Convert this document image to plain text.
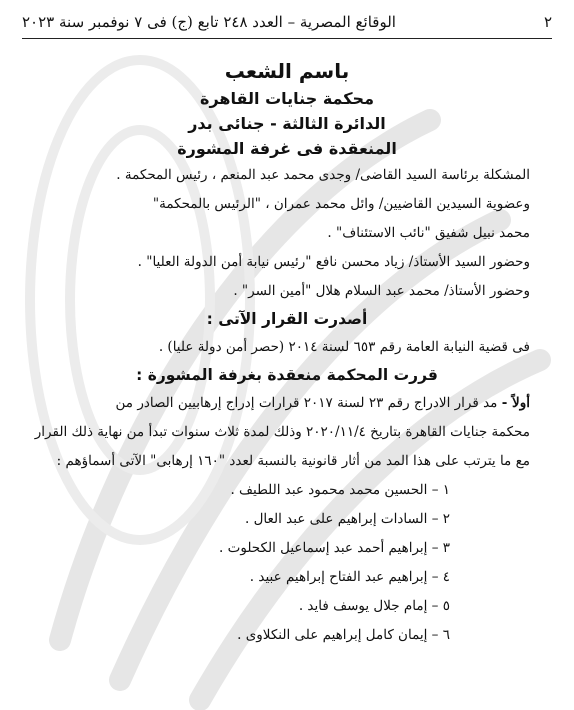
٢
الوقائع المصرية – العدد ٢٤٨ تابع (ج) فى ٧ نوفمبر سنة ٢٠٢٣
باسم الشعب
محكمة جنايات القاهرة
الدائرة الثالثة - جنائى بدر
المنعقدة فى غرفة المشورة
المشكلة برئاسة السيد القاضى/ وجدى محمد عبد المنعم ، رئيس المحكمة .
وعضوية السيدين القاضيين/ وائل محمد عمران ، "الرئيس بالمحكمة"
محمد نبيل شفيق "نائب الاستئناف" .
وحضور السيد الأستاذ/ زياد محسن نافع "رئيس نيابة أمن الدولة العليا" .
وحضور الأستاذ/ محمد عبد السلام هلال "أمين السر" .
أصدرت القرار الآتى :
فى قضية النيابة العامة رقم ٦٥٣ لسنة ٢٠١٤ (حصر أمن دولة عليا) .
قررت المحكمة منعقدة بغرفة المشورة :
أولاً - مد قرار الادراج رقم ٢٣ لسنة ٢٠١٧ قرارات إدراج إرهابيين الصادر من
محكمة جنايات القاهرة بتاريخ ٢٠٢٠/١١/٤ وذلك لمدة ثلاث سنوات تبدأ من نهاية ذلك القرار
مع ما يترتب على هذا المد من أثار قانونية بالنسبة لعدد "١٦٠ إرهابى" الآتى أسماؤهم :
١ – الحسين محمد محمود عبد اللطيف .
٢ – السادات إبراهيم على عبد العال .
٣ – إبراهيم أحمد عبد إسماعيل الكحلوت .
٤ – إبراهيم عبد الفتاح إبراهيم عبيد .
٥ – إمام جلال يوسف فايد .
٦ – إيمان كامل إبراهيم على النكلاوى .
